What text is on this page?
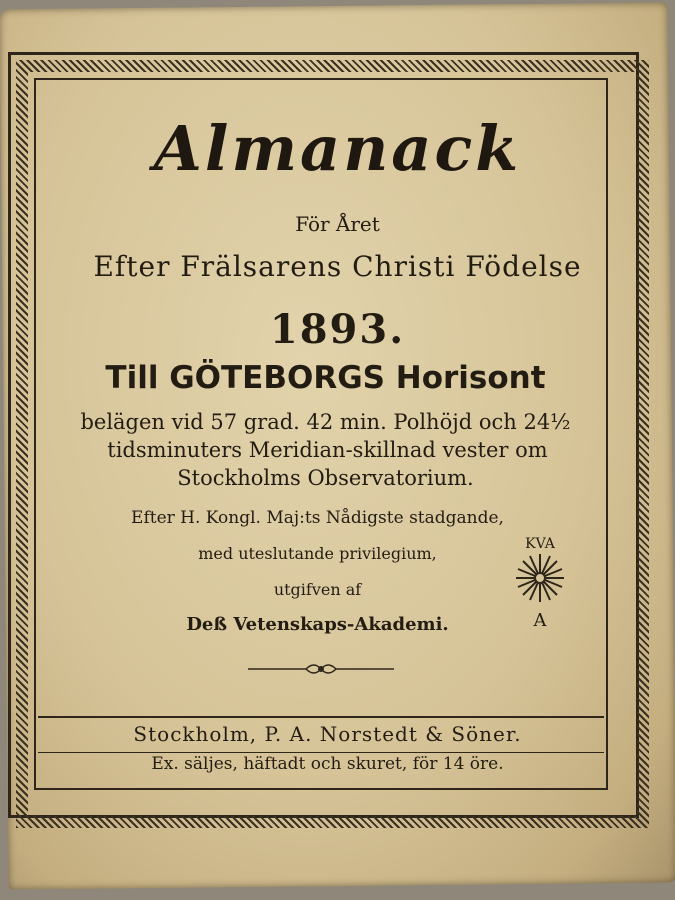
Almanack
För Året
Efter Frälsarens Christi Födelse
1893.
Till GÖTEBORGS Horisont
belägen vid 57 grad. 42 min. Polhöjd och 24½
tidsminuters Meridian-skillnad vester om
Stockholms Observatorium.
Efter H. Kongl. Maj:ts Nådigste stadgande,
med uteslutande privilegium,
utgifven af
Deß Vetenskaps-Akademi.
KVA
A
Stockholm, P. A. Norstedt & Söner.
Ex. säljes, häftadt och skuret, för 14 öre.
